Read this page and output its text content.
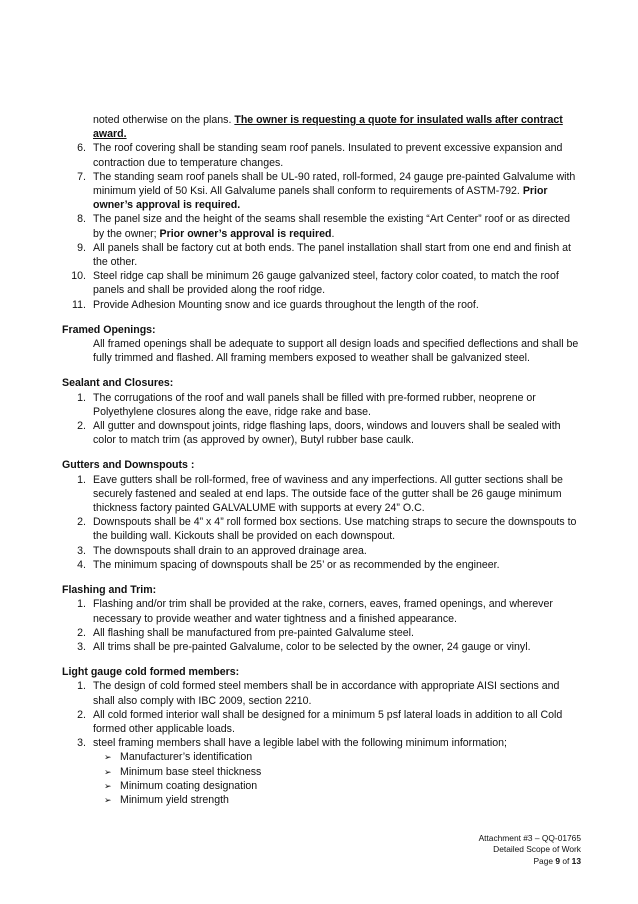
noted otherwise on the plans. The owner is requesting a quote for insulated walls after contract award.
6. The roof covering shall be standing seam roof panels. Insulated to prevent excessive expansion and contraction due to temperature changes.
7. The standing seam roof panels shall be UL-90 rated, roll-formed, 24 gauge pre-painted Galvalume with minimum yield of 50 Ksi. All Galvalume panels shall conform to requirements of ASTM-792. Prior owner’s approval is required.
8. The panel size and the height of the seams shall resemble the existing “Art Center” roof or as directed by the owner; Prior owner’s approval is required.
9. All panels shall be factory cut at both ends. The panel installation shall start from one end and finish at the other.
10. Steel ridge cap shall be minimum 26 gauge galvanized steel, factory color coated, to match the roof panels and shall be provided along the roof ridge.
11. Provide Adhesion Mounting snow and ice guards throughout the length of the roof.
Framed Openings:
All framed openings shall be adequate to support all design loads and specified deflections and shall be fully trimmed and flashed. All framing members exposed to weather shall be galvanized steel.
Sealant and Closures:
1. The corrugations of the roof and wall panels shall be filled with pre-formed rubber, neoprene or Polyethylene closures along the eave, ridge rake and base.
2. All gutter and downspout joints, ridge flashing laps, doors, windows and louvers shall be sealed with color to match trim (as approved by owner), Butyl rubber base caulk.
Gutters and Downspouts :
1. Eave gutters shall be roll-formed, free of waviness and any imperfections. All gutter sections shall be securely fastened and sealed at end laps. The outside face of the gutter shall be 26 gauge minimum thickness factory painted GALVALUME with supports at every 24” O.C.
2. Downspouts shall be 4” x 4” roll formed box sections. Use matching straps to secure the downspouts to the building wall. Kickouts shall be provided on each downspout.
3. The downspouts shall drain to an approved drainage area.
4. The minimum spacing of downspouts shall be 25’ or as recommended by the engineer.
Flashing and Trim:
1. Flashing and/or trim shall be provided at the rake, corners, eaves, framed openings, and wherever necessary to provide weather and water tightness and a finished appearance.
2. All flashing shall be manufactured from pre-painted Galvalume steel.
3. All trims shall be pre-painted Galvalume, color to be selected by the owner, 24 gauge or vinyl.
Light gauge cold formed members:
1. The design of cold formed steel members shall be in accordance with appropriate AISI sections and shall also comply with IBC 2009, section 2210.
2. All cold formed interior wall shall be designed for a minimum 5 psf lateral loads in addition to all Cold formed other applicable loads.
3. steel framing members shall have a legible label with the following minimum information;
➢ Manufacturer’s identification
➢ Minimum base steel thickness
➢ Minimum coating designation
➢ Minimum yield strength
Attachment #3 – QQ-01765
Detailed Scope of Work
Page 9 of 13
